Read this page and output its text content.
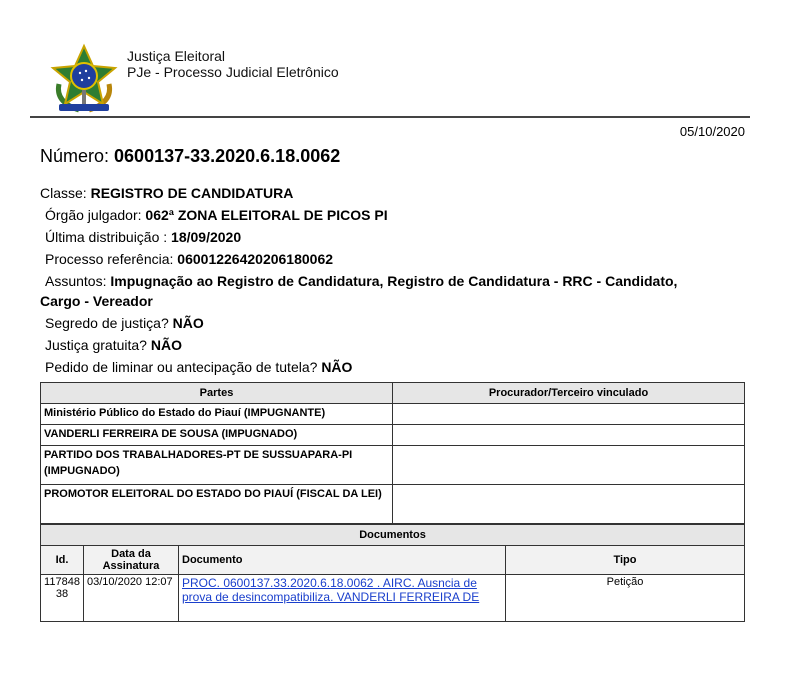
Justiça Eleitoral
PJe - Processo Judicial Eletrônico
05/10/2020
Número: 0600137-33.2020.6.18.0062
Classe: REGISTRO DE CANDIDATURA
Órgão julgador: 062ª ZONA ELEITORAL DE PICOS PI
Última distribuição : 18/09/2020
Processo referência: 06001226420206180062
Assuntos: Impugnação ao Registro de Candidatura, Registro de Candidatura - RRC - Candidato,
Cargo - Vereador
Segredo de justiça? NÃO
Justiça gratuita? NÃO
Pedido de liminar ou antecipação de tutela? NÃO
Partes	Procurador/Terceiro vinculado
Ministério Público do Estado do Piauí (IMPUGNANTE)	
VANDERLI FERREIRA DE SOUSA (IMPUGNADO)	
PARTIDO DOS TRABALHADORES-PT DE SUSSUAPARA-PI (IMPUGNADO)	
PROMOTOR ELEITORAL DO ESTADO DO PIAUÍ (FISCAL DA LEI)	
Documentos			
Id.	Data da Assinatura	Documento	Tipo
11784838	03/10/2020 12:07	PROC. 0600137.33.2020.6.18.0062 . AIRC. Ausncia de prova de desincompatibiliza. VANDERLI FERREIRA DE	Petição
